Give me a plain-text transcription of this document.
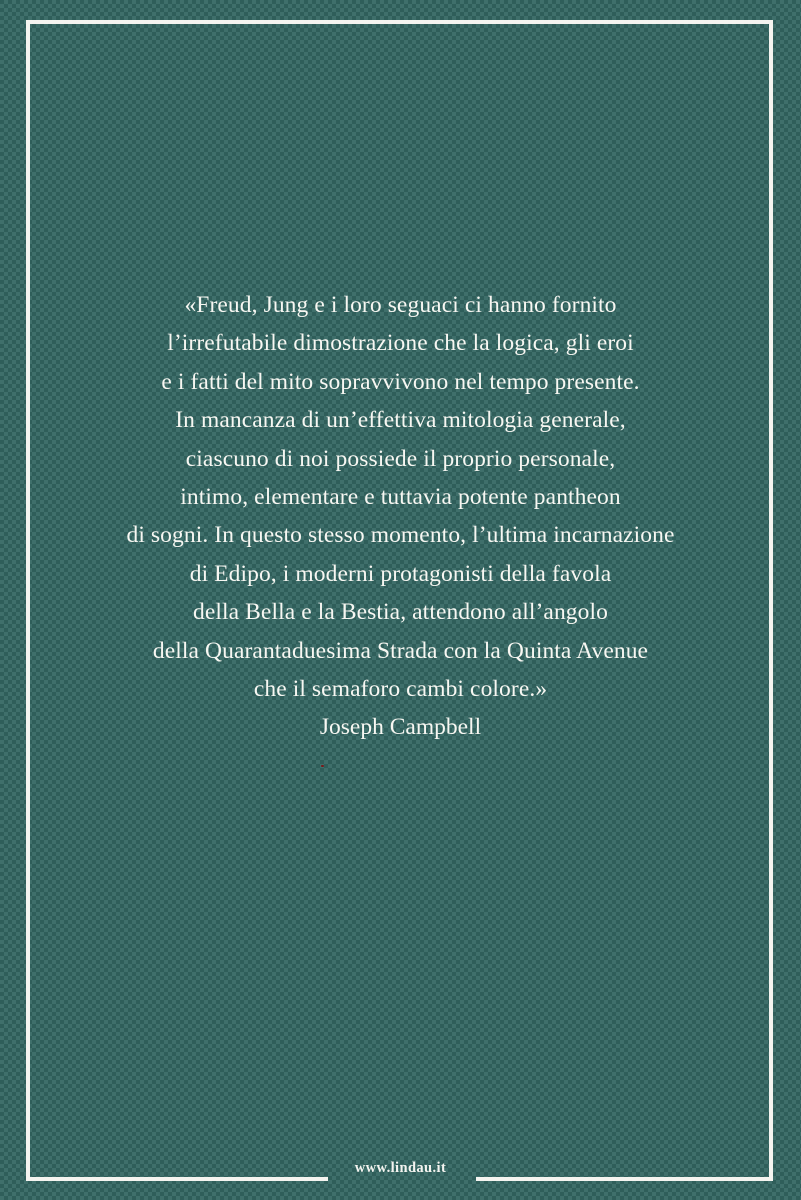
«Freud, Jung e i loro seguaci ci hanno fornito
l’irrefutabile dimostrazione che la logica, gli eroi
e i fatti del mito sopravvivono nel tempo presente.
In mancanza di un’effettiva mitologia generale,
ciascuno di noi possiede il proprio personale,
intimo, elementare e tuttavia potente pantheon
di sogni. In questo stesso momento, l’ultima incarnazione
di Edipo, i moderni protagonisti della favola
della Bella e la Bestia, attendono all’angolo
della Quarantaduesima Strada con la Quinta Avenue
che il semaforo cambi colore.»
Joseph Campbell
www.lindau.it
